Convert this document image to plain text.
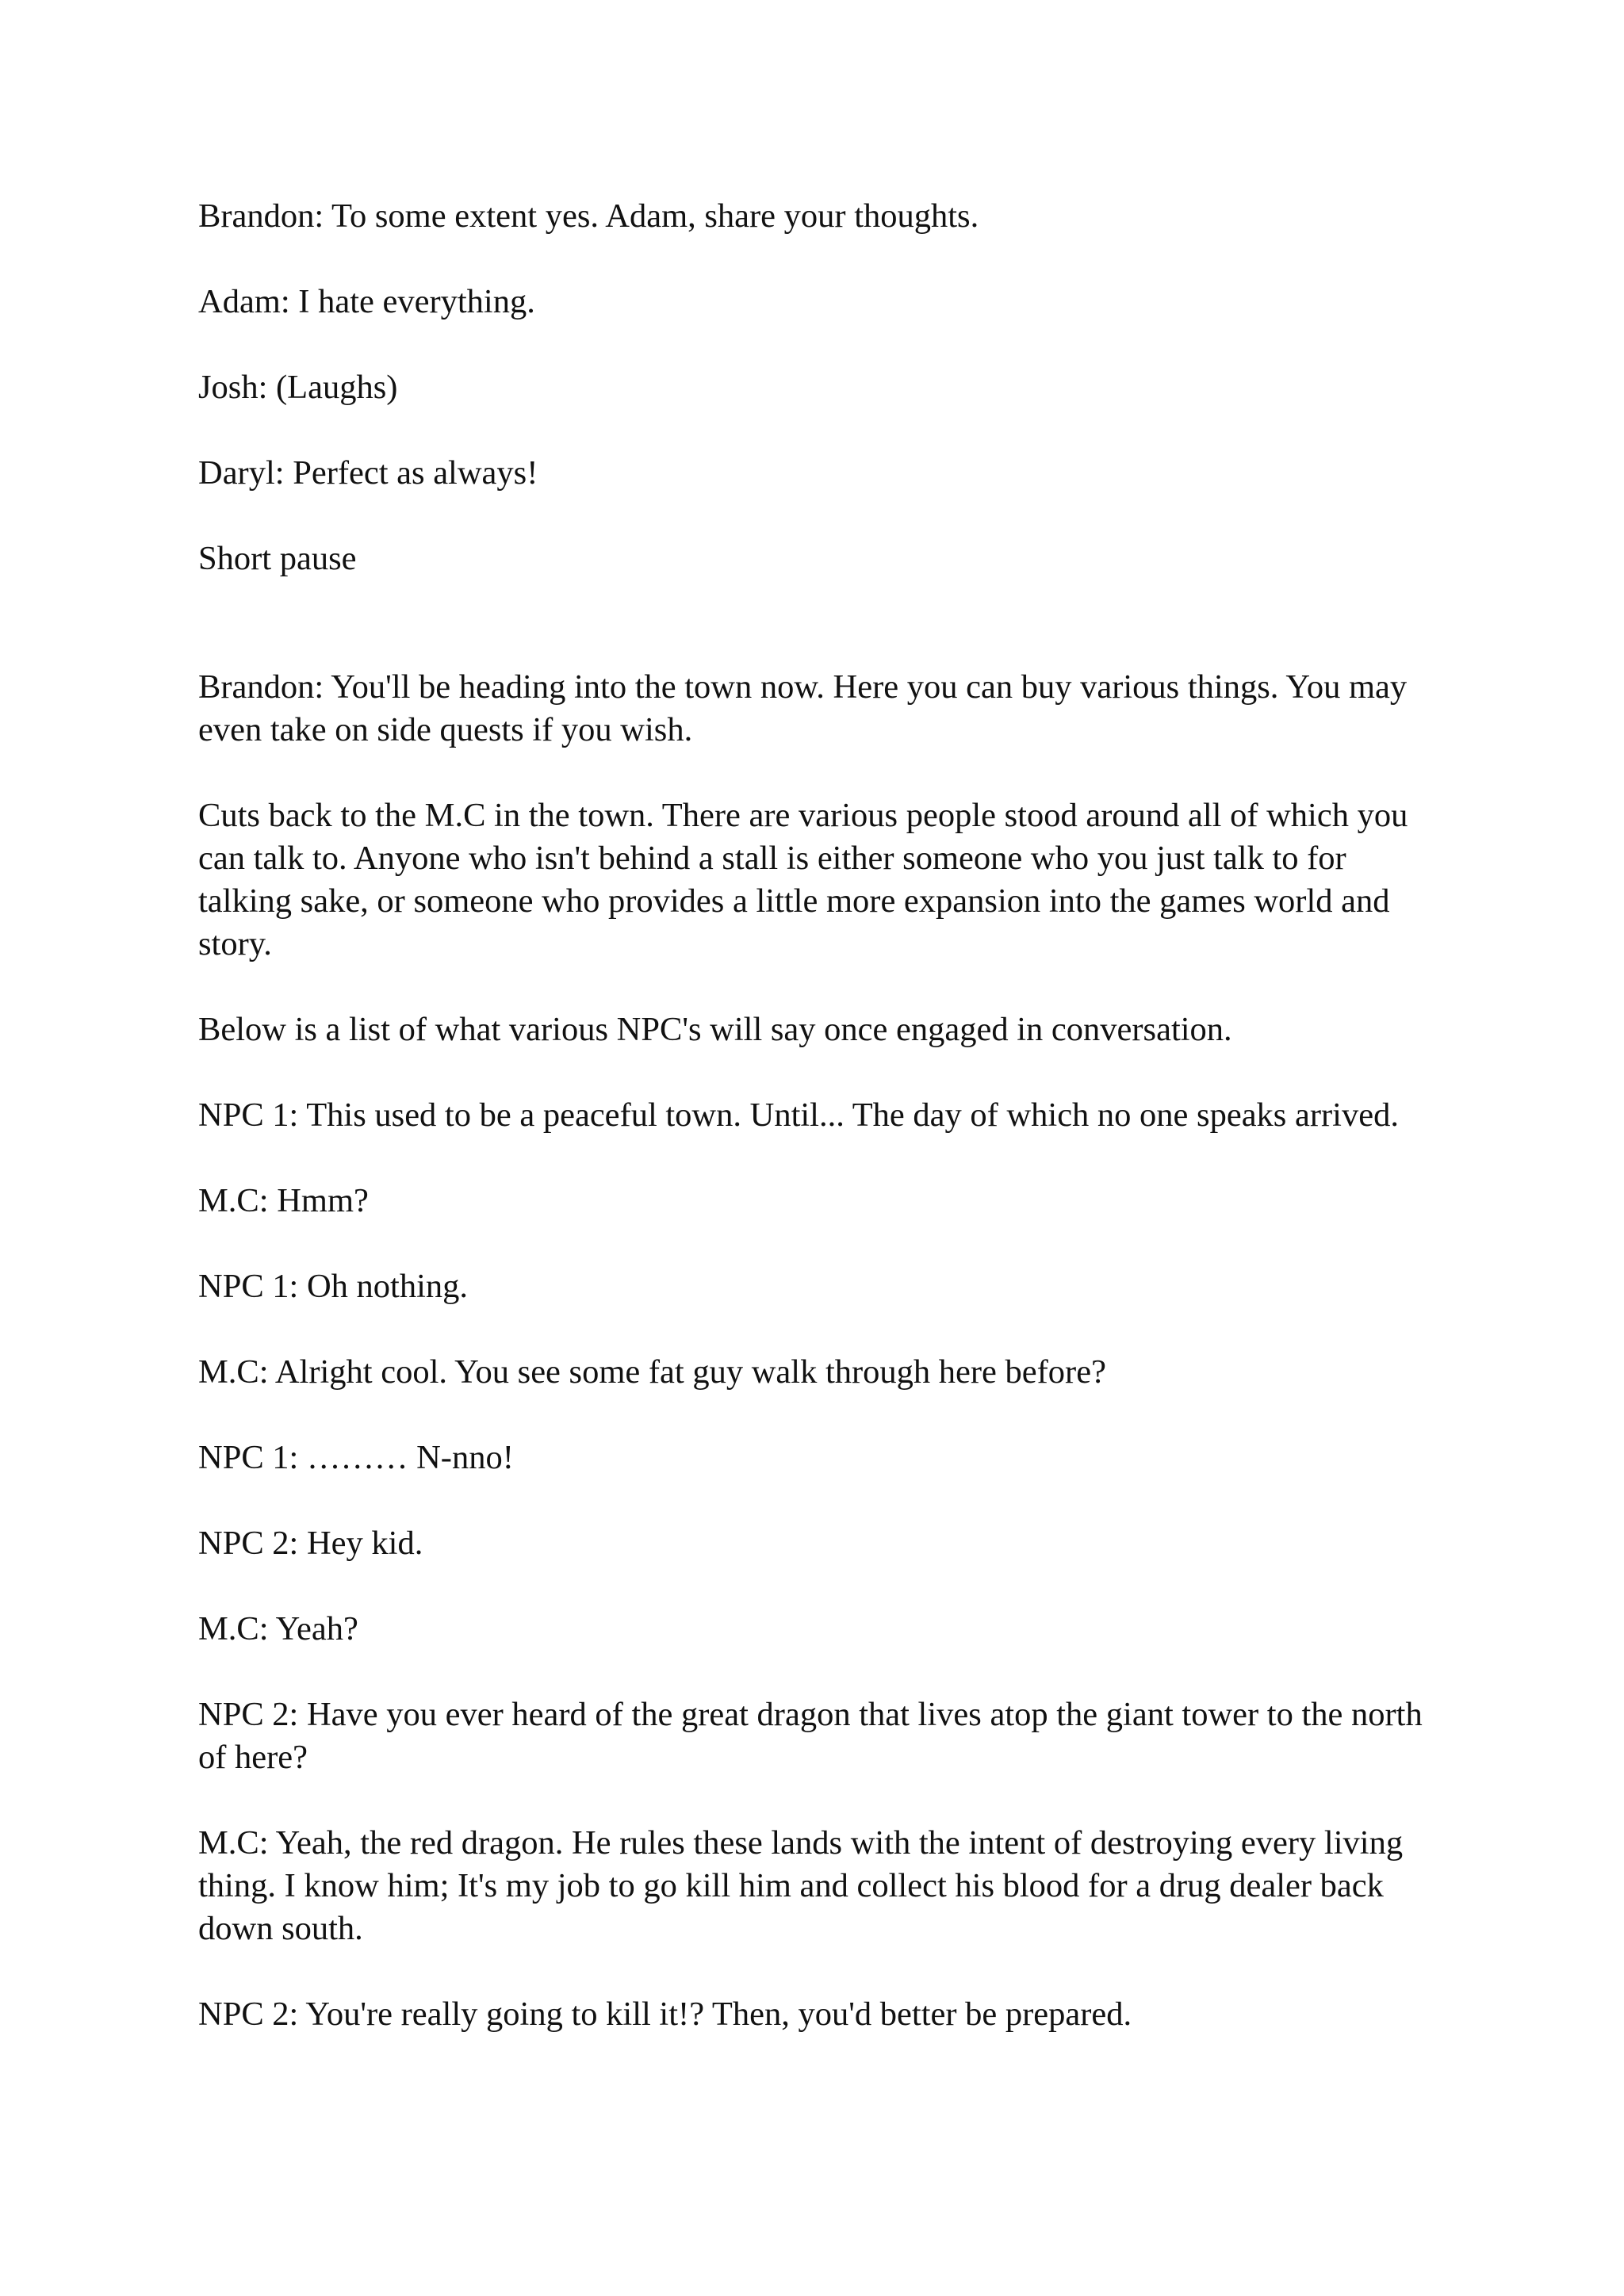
Brandon: To some extent yes. Adam, share your thoughts.

Adam: I hate everything.

Josh: (Laughs)

Daryl: Perfect as always!

Short pause

Brandon: You'll be heading into the town now. Here you can buy various things. You may even take on side quests if you wish.

Cuts back to the M.C in the town. There are various people stood around all of which you can talk to. Anyone who isn't behind a stall is either someone who you just talk to for talking sake, or someone who provides a little more expansion into the games world and story.

Below is a list of what various NPC's will say once engaged in conversation.

NPC 1: This used to be a peaceful town. Until... The day of which no one speaks arrived.

M.C: Hmm?

NPC 1: Oh nothing.

M.C: Alright cool. You see some fat guy walk through here before?

NPC 1: ……… N-nno!

NPC 2: Hey kid.

M.C: Yeah?

NPC 2: Have you ever heard of the great dragon that lives atop the giant tower to the north of here?

M.C: Yeah, the red dragon. He rules these lands with the intent of destroying every living thing. I know him; It's my job to go kill him and collect his blood for a drug dealer back down south.

NPC 2: You're really going to kill it!? Then, you'd better be prepared.
